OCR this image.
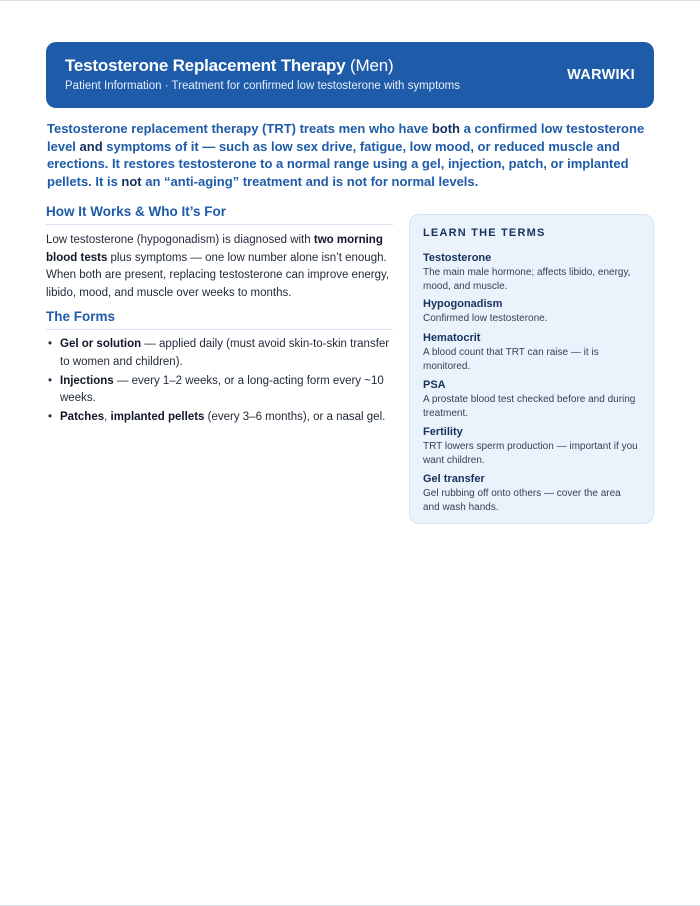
Testosterone Replacement Therapy (Men)
Patient Information · Treatment for confirmed low testosterone with symptoms
WARWIKI
Testosterone replacement therapy (TRT) treats men who have both a confirmed low testosterone level and symptoms of it — such as low sex drive, fatigue, low mood, or reduced muscle and erections. It restores testosterone to a normal range using a gel, injection, patch, or implanted pellets. It is not an “anti-aging” treatment and is not for normal levels.
How It Works & Who It’s For
Low testosterone (hypogonadism) is diagnosed with two morning blood tests plus symptoms — one low number alone isn’t enough. When both are present, replacing testosterone can improve energy, libido, mood, and muscle over weeks to months.
The Forms
• Gel or solution — applied daily (must avoid skin-to-skin transfer to women and children).
• Injections — every 1–2 weeks, or a long-acting form every ~10 weeks.
• Patches, implanted pellets (every 3–6 months), or a nasal gel.
LEARN THE TERMS
Testosterone
The main male hormone; affects libido, energy, mood, and muscle.
Hypogonadism
Confirmed low testosterone.
Hematocrit
A blood count that TRT can raise — it is monitored.
PSA
A prostate blood test checked before and during treatment.
Fertility
TRT lowers sperm production — important if you want children.
Gel transfer
Gel rubbing off onto others — cover the area and wash hands.
